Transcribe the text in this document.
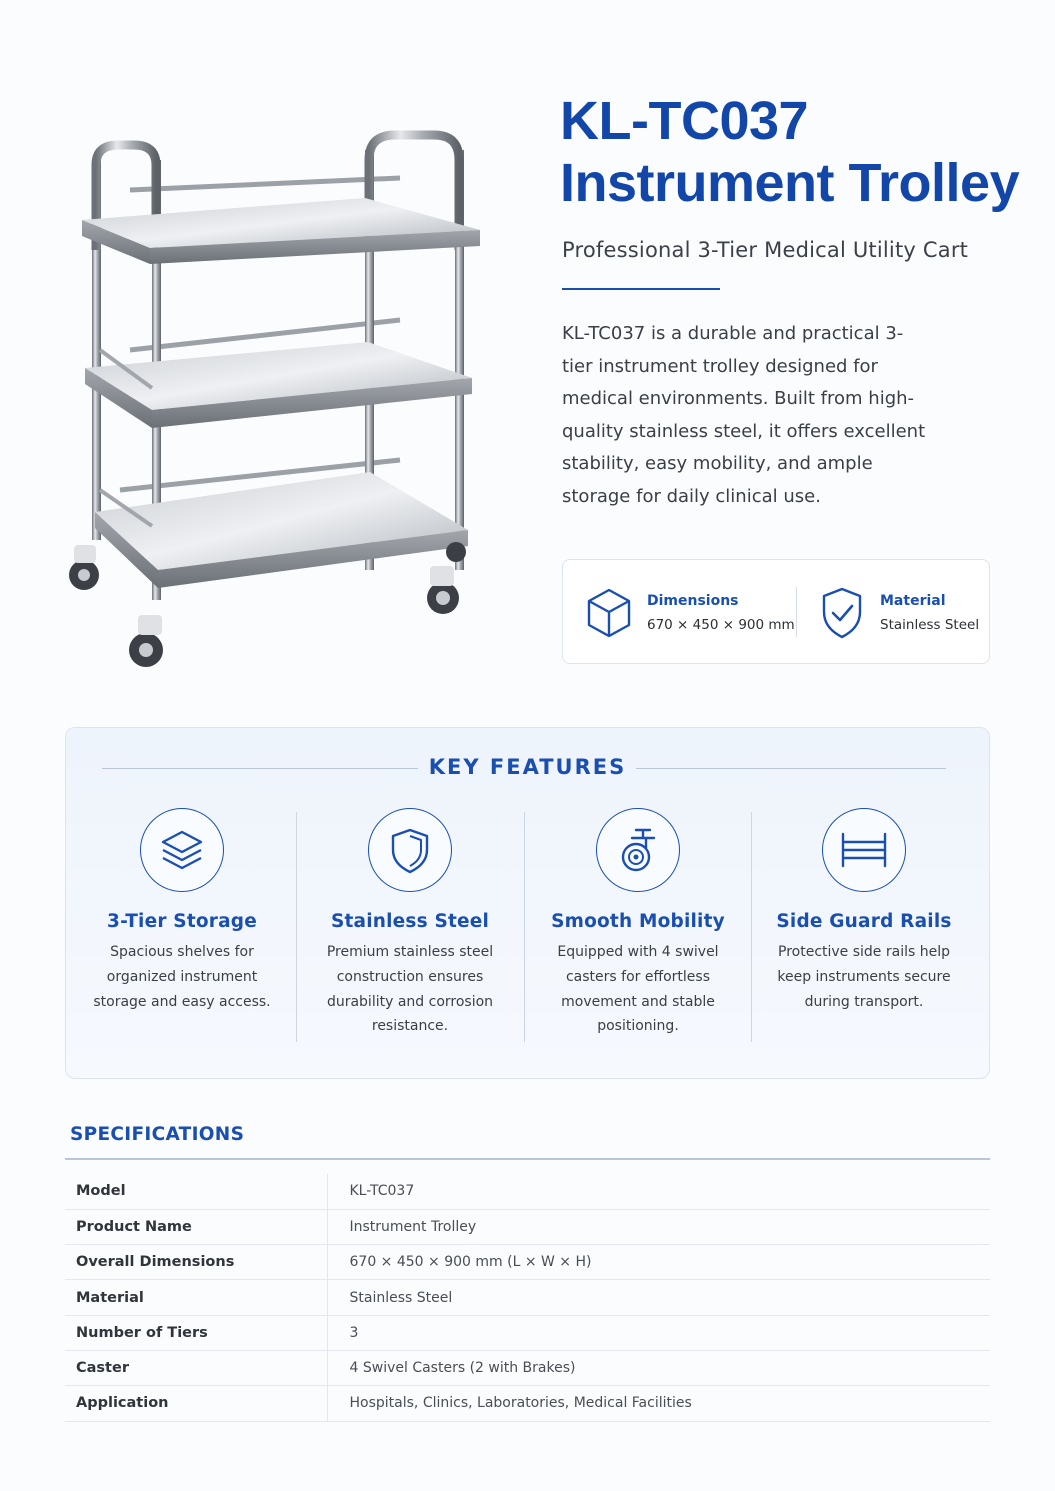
KL-TC037
Instrument Trolley
Professional 3-Tier Medical Utility Cart
KL-TC037 is a durable and practical 3-tier instrument trolley designed for medical environments. Built from high-quality stainless steel, it offers excellent stability, easy mobility, and ample storage for daily clinical use.
Dimensions
670 × 450 × 900 mm
Material
Stainless Steel
KEY FEATURES
3-Tier Storage
Spacious shelves for organized instrument storage and easy access.
Stainless Steel
Premium stainless steel construction ensures durability and corrosion resistance.
Smooth Mobility
Equipped with 4 swivel casters for effortless movement and stable positioning.
Side Guard Rails
Protective side rails help keep instruments secure during transport.
SPECIFICATIONS
Model	KL-TC037
Product Name	Instrument Trolley
Overall Dimensions	670 × 450 × 900 mm (L × W × H)
Material	Stainless Steel
Number of Tiers	3
Caster	4 Swivel Casters (2 with Brakes)
Application	Hospitals, Clinics, Laboratories, Medical Facilities
